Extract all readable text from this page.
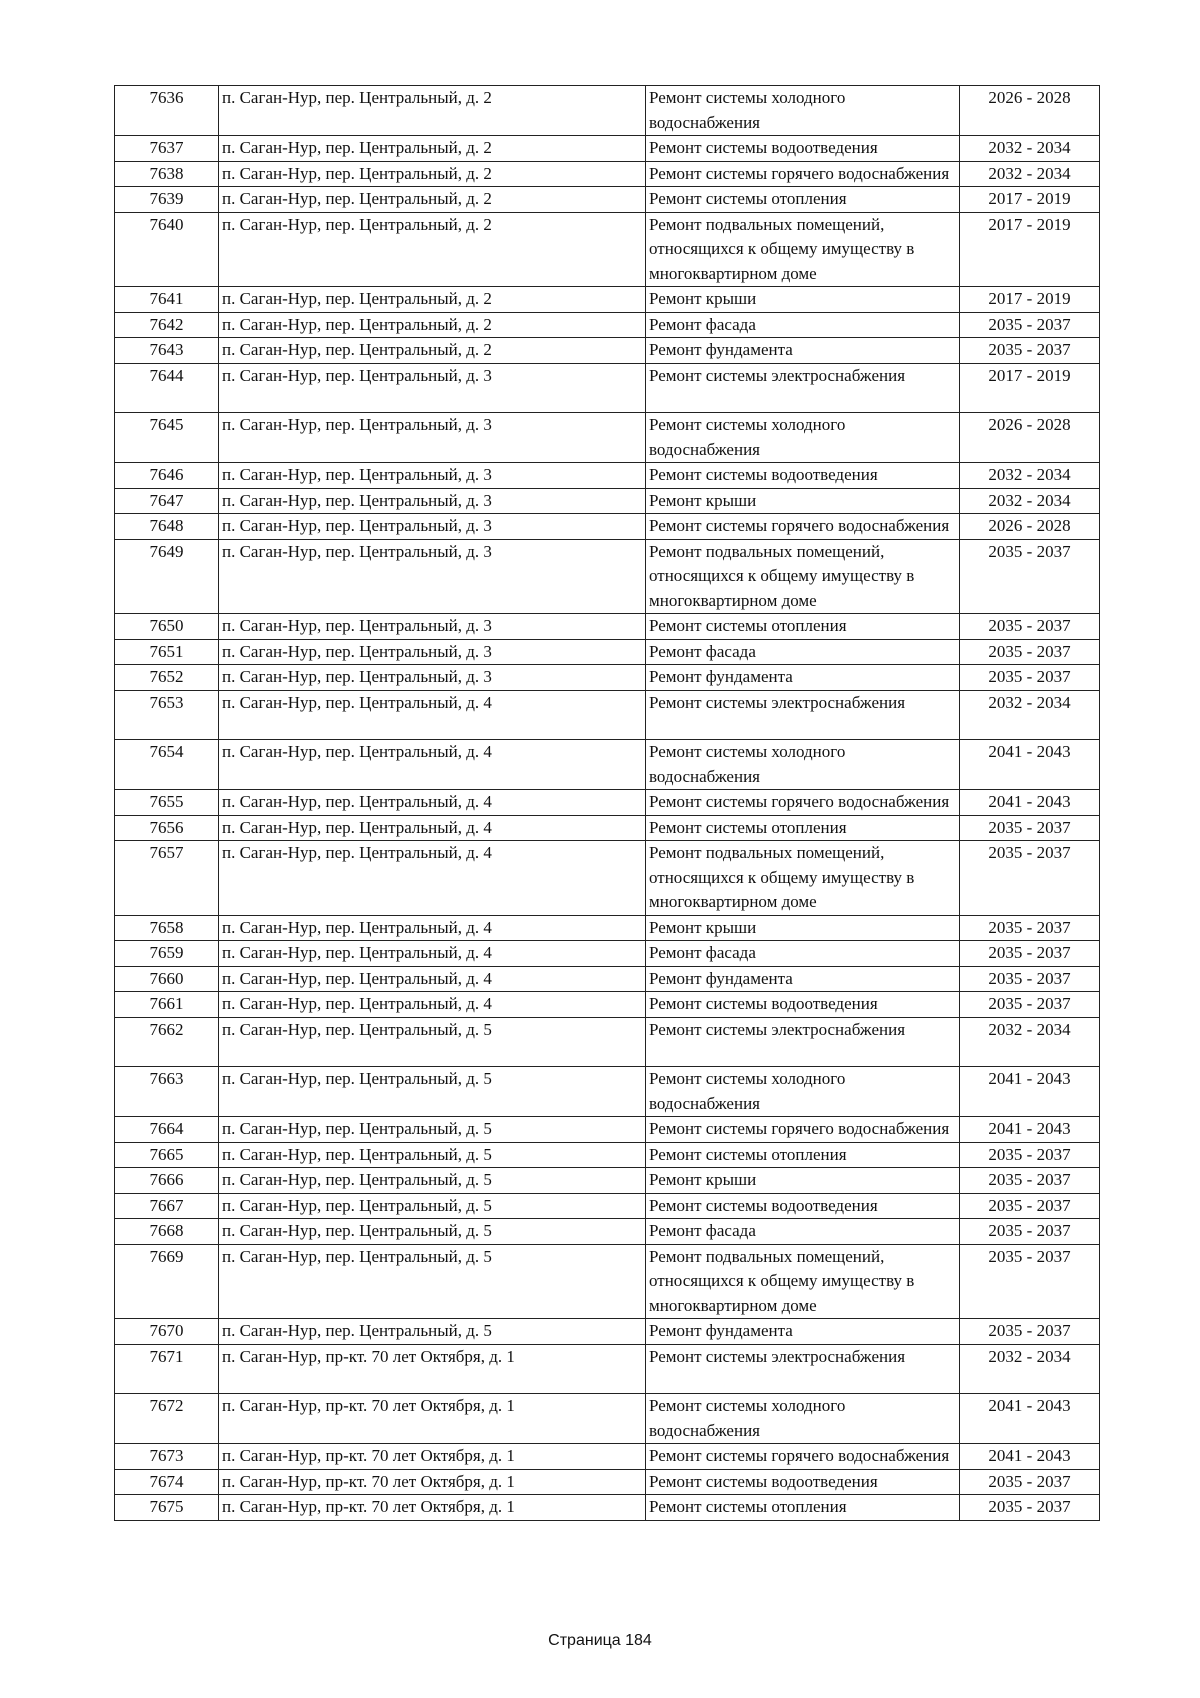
7636	п. Саган-Нур, пер. Центральный, д. 2	Ремонт системы холодного водоснабжения	2026 - 2028
7637	п. Саган-Нур, пер. Центральный, д. 2	Ремонт системы водоотведения	2032 - 2034
7638	п. Саган-Нур, пер. Центральный, д. 2	Ремонт системы горячего водоснабжения	2032 - 2034
7639	п. Саган-Нур, пер. Центральный, д. 2	Ремонт системы отопления	2017 - 2019
7640	п. Саган-Нур, пер. Центральный, д. 2	Ремонт подвальных помещений, относящихся к общему имуществу в многоквартирном доме	2017 - 2019
7641	п. Саган-Нур, пер. Центральный, д. 2	Ремонт крыши	2017 - 2019
7642	п. Саган-Нур, пер. Центральный, д. 2	Ремонт фасада	2035 - 2037
7643	п. Саган-Нур, пер. Центральный, д. 2	Ремонт фундамента	2035 - 2037
7644	п. Саган-Нур, пер. Центральный, д. 3	Ремонт системы электроснабжения	2017 - 2019
7645	п. Саган-Нур, пер. Центральный, д. 3	Ремонт системы холодного водоснабжения	2026 - 2028
7646	п. Саган-Нур, пер. Центральный, д. 3	Ремонт системы водоотведения	2032 - 2034
7647	п. Саган-Нур, пер. Центральный, д. 3	Ремонт крыши	2032 - 2034
7648	п. Саган-Нур, пер. Центральный, д. 3	Ремонт системы горячего водоснабжения	2026 - 2028
7649	п. Саган-Нур, пер. Центральный, д. 3	Ремонт подвальных помещений, относящихся к общему имуществу в многоквартирном доме	2035 - 2037
7650	п. Саган-Нур, пер. Центральный, д. 3	Ремонт системы отопления	2035 - 2037
7651	п. Саган-Нур, пер. Центральный, д. 3	Ремонт фасада	2035 - 2037
7652	п. Саган-Нур, пер. Центральный, д. 3	Ремонт фундамента	2035 - 2037
7653	п. Саган-Нур, пер. Центральный, д. 4	Ремонт системы электроснабжения	2032 - 2034
7654	п. Саган-Нур, пер. Центральный, д. 4	Ремонт системы холодного водоснабжения	2041 - 2043
7655	п. Саган-Нур, пер. Центральный, д. 4	Ремонт системы горячего водоснабжения	2041 - 2043
7656	п. Саган-Нур, пер. Центральный, д. 4	Ремонт системы отопления	2035 - 2037
7657	п. Саган-Нур, пер. Центральный, д. 4	Ремонт подвальных помещений, относящихся к общему имуществу в многоквартирном доме	2035 - 2037
7658	п. Саган-Нур, пер. Центральный, д. 4	Ремонт крыши	2035 - 2037
7659	п. Саган-Нур, пер. Центральный, д. 4	Ремонт фасада	2035 - 2037
7660	п. Саган-Нур, пер. Центральный, д. 4	Ремонт фундамента	2035 - 2037
7661	п. Саган-Нур, пер. Центральный, д. 4	Ремонт системы водоотведения	2035 - 2037
7662	п. Саган-Нур, пер. Центральный, д. 5	Ремонт системы электроснабжения	2032 - 2034
7663	п. Саган-Нур, пер. Центральный, д. 5	Ремонт системы холодного водоснабжения	2041 - 2043
7664	п. Саган-Нур, пер. Центральный, д. 5	Ремонт системы горячего водоснабжения	2041 - 2043
7665	п. Саган-Нур, пер. Центральный, д. 5	Ремонт системы отопления	2035 - 2037
7666	п. Саган-Нур, пер. Центральный, д. 5	Ремонт крыши	2035 - 2037
7667	п. Саган-Нур, пер. Центральный, д. 5	Ремонт системы водоотведения	2035 - 2037
7668	п. Саган-Нур, пер. Центральный, д. 5	Ремонт фасада	2035 - 2037
7669	п. Саган-Нур, пер. Центральный, д. 5	Ремонт подвальных помещений, относящихся к общему имуществу в многоквартирном доме	2035 - 2037
7670	п. Саган-Нур, пер. Центральный, д. 5	Ремонт фундамента	2035 - 2037
7671	п. Саган-Нур, пр-кт. 70 лет Октября, д. 1	Ремонт системы электроснабжения	2032 - 2034
7672	п. Саган-Нур, пр-кт. 70 лет Октября, д. 1	Ремонт системы холодного водоснабжения	2041 - 2043
7673	п. Саган-Нур, пр-кт. 70 лет Октября, д. 1	Ремонт системы горячего водоснабжения	2041 - 2043
7674	п. Саган-Нур, пр-кт. 70 лет Октября, д. 1	Ремонт системы водоотведения	2035 - 2037
7675	п. Саган-Нур, пр-кт. 70 лет Октября, д. 1	Ремонт системы отопления	2035 - 2037
Страница 184
